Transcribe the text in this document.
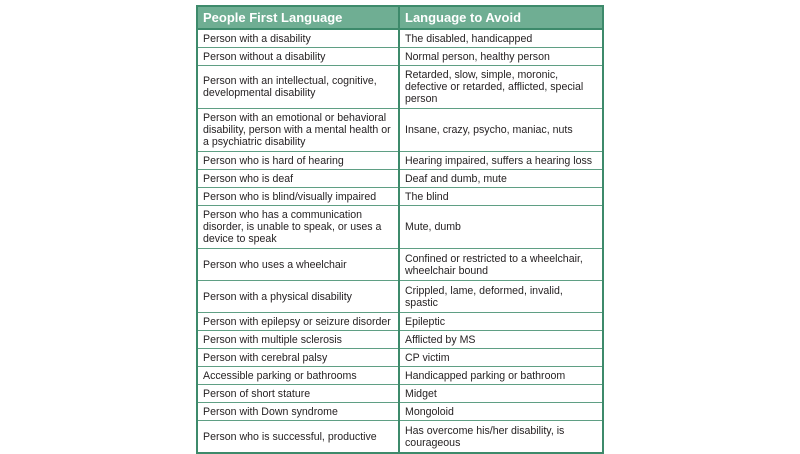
People First Language	Language to Avoid
Person with a disability	The disabled, handicapped
Person without a disability	Normal person, healthy person
Person with an intellectual, cognitive, developmental disability	Retarded, slow, simple, moronic, defective or retarded, afflicted, special person
Person with an emotional or behavioral disability, person with a mental health or a psychiatric disability	Insane, crazy, psycho, maniac, nuts
Person who is hard of hearing	Hearing impaired, suffers a hearing loss
Person who is deaf	Deaf and dumb, mute
Person who is blind/visually impaired	The blind
Person who has a communication disorder, is unable to speak, or uses a device to speak	Mute, dumb
Person who uses a wheelchair	Confined or restricted to a wheelchair, wheelchair bound
Person with a physical disability	Crippled, lame, deformed, invalid, spastic
Person with epilepsy or seizure disorder	Epileptic
Person with multiple sclerosis	Afflicted by MS
Person with cerebral palsy	CP victim
Accessible parking or bathrooms	Handicapped parking or bathroom
Person of short stature	Midget
Person with Down syndrome	Mongoloid
Person who is successful, productive	Has overcome his/her disability, is courageous
